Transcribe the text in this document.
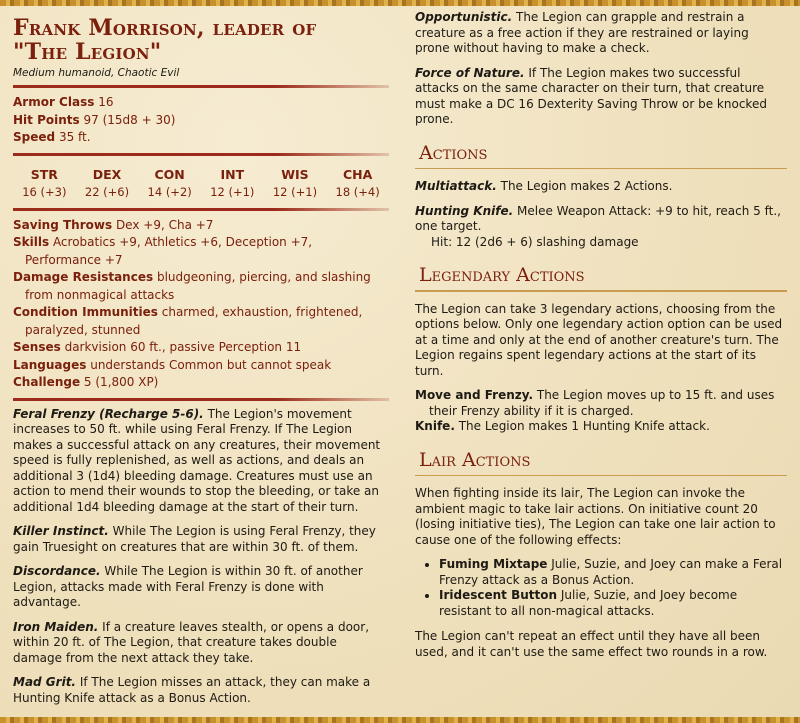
Frank Morrison, leader of
"The Legion"
Medium humanoid, Chaotic Evil
Armor Class 16
Hit Points 97 (15d8 + 30)
Speed 35 ft.
STR
16 (+3)
DEX
22 (+6)
CON
14 (+2)
INT
12 (+1)
WIS
12 (+1)
CHA
18 (+4)
Saving Throws Dex +9, Cha +7
Skills Acrobatics +9, Athletics +6, Deception +7, Performance +7
Damage Resistances bludgeoning, piercing, and slashing from nonmagical attacks
Condition Immunities charmed, exhaustion, frightened, paralyzed, stunned
Senses darkvision 60 ft., passive Perception 11
Languages understands Common but cannot speak
Challenge 5 (1,800 XP)

Feral Frenzy (Recharge 5-6). The Legion's movement increases to 50 ft. while using Feral Frenzy. If The Legion makes a successful attack on any creatures, their movement speed is fully replenished, as well as actions, and deals an additional 3 (1d4) bleeding damage. Creatures must use an action to mend their wounds to stop the bleeding, or take an additional 1d4 bleeding damage at the start of their turn.

Killer Instinct. While The Legion is using Feral Frenzy, they gain Truesight on creatures that are within 30 ft. of them.

Discordance. While The Legion is within 30 ft. of another Legion, attacks made with Feral Frenzy is done with advantage.

Iron Maiden. If a creature leaves stealth, or opens a door, within 20 ft. of The Legion, that creature takes double damage from the next attack they take.

Mad Grit. If The Legion misses an attack, they can make a Hunting Knife attack as a Bonus Action.

Opportunistic. The Legion can grapple and restrain a creature as a free action if they are restrained or laying prone without having to make a check.

Force of Nature. If The Legion makes two successful attacks on the same character on their turn, that creature must make a DC 16 Dexterity Saving Throw or be knocked prone.

Actions

Multiattack. The Legion makes 2 Actions.

Hunting Knife. Melee Weapon Attack: +9 to hit, reach 5 ft., one target.
Hit: 12 (2d6 + 6) slashing damage

Legendary Actions

The Legion can take 3 legendary actions, choosing from the options below. Only one legendary action option can be used at a time and only at the end of another creature's turn. The Legion regains spent legendary actions at the start of its turn.

Move and Frenzy. The Legion moves up to 15 ft. and uses their Frenzy ability if it is charged.

Knife. The Legion makes 1 Hunting Knife attack.

Lair Actions

When fighting inside its lair, The Legion can invoke the ambient magic to take lair actions. On initiative count 20 (losing initiative ties), The Legion can take one lair action to cause one of the following effects:

• Fuming Mixtape Julie, Suzie, and Joey can make a Feral Frenzy attack as a Bonus Action.
• Iridescent Button Julie, Suzie, and Joey become resistant to all non-magical attacks.

The Legion can't repeat an effect until they have all been used, and it can't use the same effect two rounds in a row.
